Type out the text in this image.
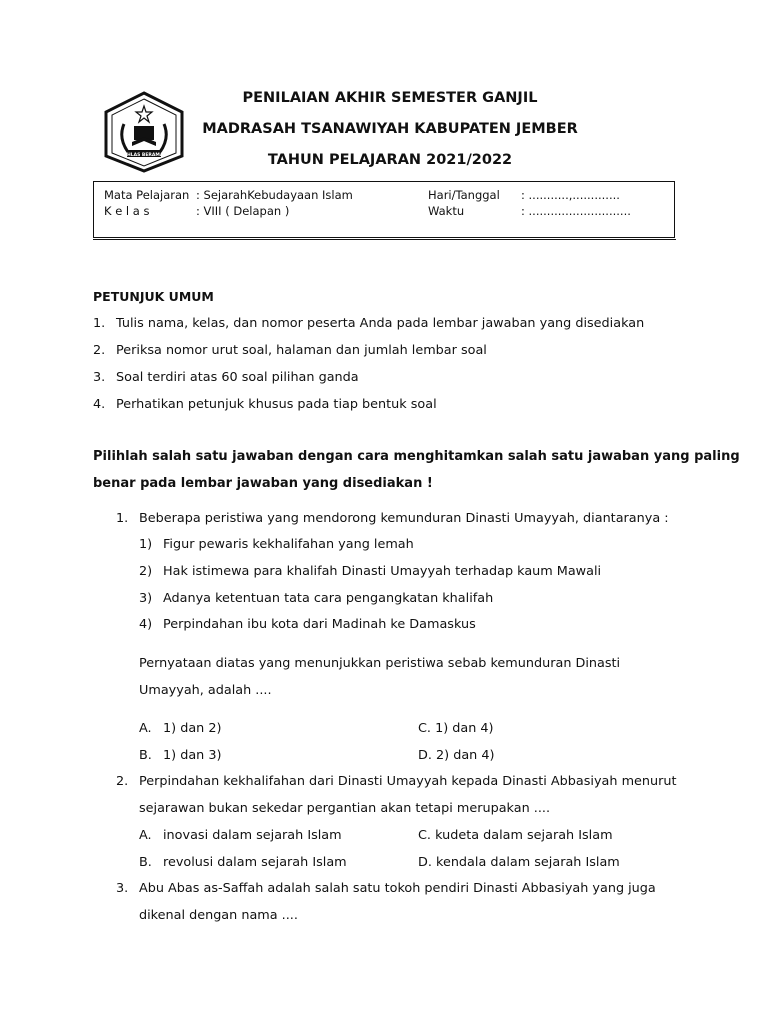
IKHLAS BERAMAL
PENILAIAN AKHIR SEMESTER GANJIL
MADRASAH TSANAWIYAH KABUPATEN JEMBER
TAHUN PELAJARAN 2021/2022
Mata Pelajaran : SejarahKebudayaan Islam
K e l a s	: VIII ( Delapan )
Hari/Tanggal : ...........,.............
Waktu	: ............................
PETUNJUK UMUM
1. Tulis nama, kelas, dan nomor peserta Anda pada lembar jawaban yang disediakan
2. Periksa nomor urut soal, halaman dan jumlah lembar soal
3. Soal terdiri atas 60 soal pilihan ganda
4. Perhatikan petunjuk khusus pada tiap bentuk soal
Pilihlah salah satu jawaban dengan cara menghitamkan salah satu jawaban yang paling
benar pada lembar jawaban yang disediakan !
1. Beberapa peristiwa yang mendorong kemunduran Dinasti Umayyah, diantaranya :
1) Figur pewaris kekhalifahan yang lemah
2) Hak istimewa para khalifah Dinasti Umayyah terhadap kaum Mawali
3) Adanya ketentuan tata cara pengangkatan khalifah
4) Perpindahan ibu kota dari Madinah ke Damaskus
Pernyataan diatas yang menunjukkan peristiwa sebab kemunduran Dinasti
Umayyah, adalah ....
A. 1) dan 2)	C. 1) dan 4)
B. 1) dan 3)	D. 2) dan 4)
2. Perpindahan kekhalifahan dari Dinasti Umayyah kepada Dinasti Abbasiyah menurut
sejarawan bukan sekedar pergantian akan tetapi merupakan ....
A. inovasi dalam sejarah Islam	C. kudeta dalam sejarah Islam
B. revolusi dalam sejarah Islam	D. kendala dalam sejarah Islam
3. Abu Abas as-Saffah adalah salah satu tokoh pendiri Dinasti Abbasiyah yang juga
dikenal dengan nama ....
